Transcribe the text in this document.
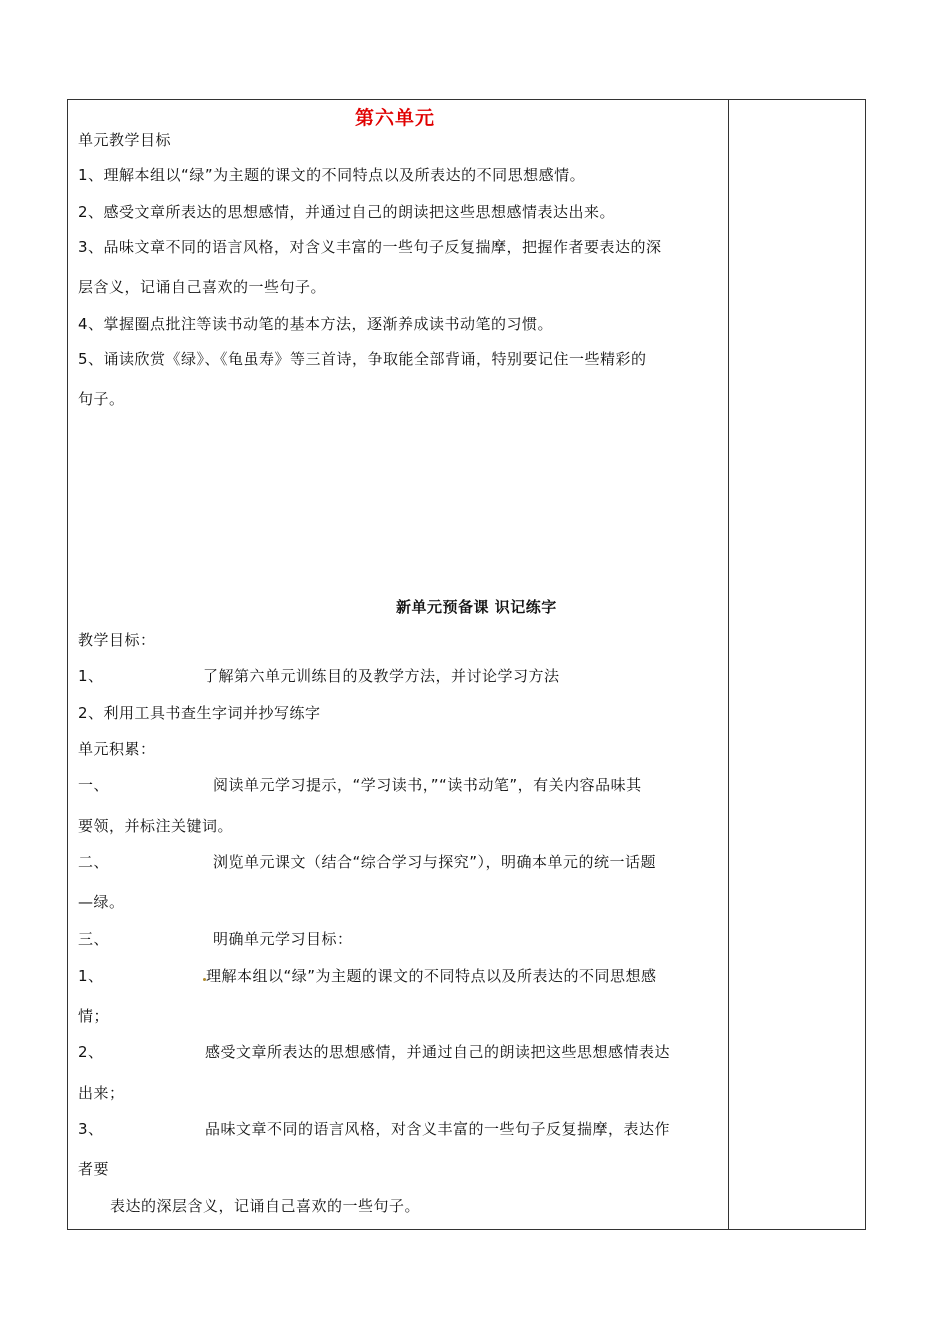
第六单元
单元教学目标
1、理解本组以“绿”为主题的课文的不同特点以及所表达的不同思想感情。
2、感受文章所表达的思想感情，并通过自己的朗读把这些思想感情表达出来。
3、品味文章不同的语言风格，对含义丰富的一些句子反复揣摩，把握作者要表达的深
层含义，记诵自己喜欢的一些句子。
4、掌握圈点批注等读书动笔的基本方法，逐渐养成读书动笔的习惯。
5、诵读欣赏《绿》、《龟虽寿》等三首诗，争取能全部背诵，特别要记住一些精彩的
句子。
新单元预备课 识记练字
教学目标：
1、	了解第六单元训练目的及教学方法，并讨论学习方法
2、利用工具书查生字词并抄写练字
单元积累：
一、	阅读单元学习提示，“学习读书，”“读书动笔”，有关内容品味其
要领，并标注关键词。
二、	浏览单元课文（结合“综合学习与探究”），明确本单元的统一话题
—绿。
三、	明确单元学习目标：
1、	理解本组以“绿”为主题的课文的不同特点以及所表达的不同思想感
情；
2、	感受文章所表达的思想感情，并通过自己的朗读把这些思想感情表达
出来；
3、	品味文章不同的语言风格，对含义丰富的一些句子反复揣摩，表达作
者要
表达的深层含义，记诵自己喜欢的一些句子。
